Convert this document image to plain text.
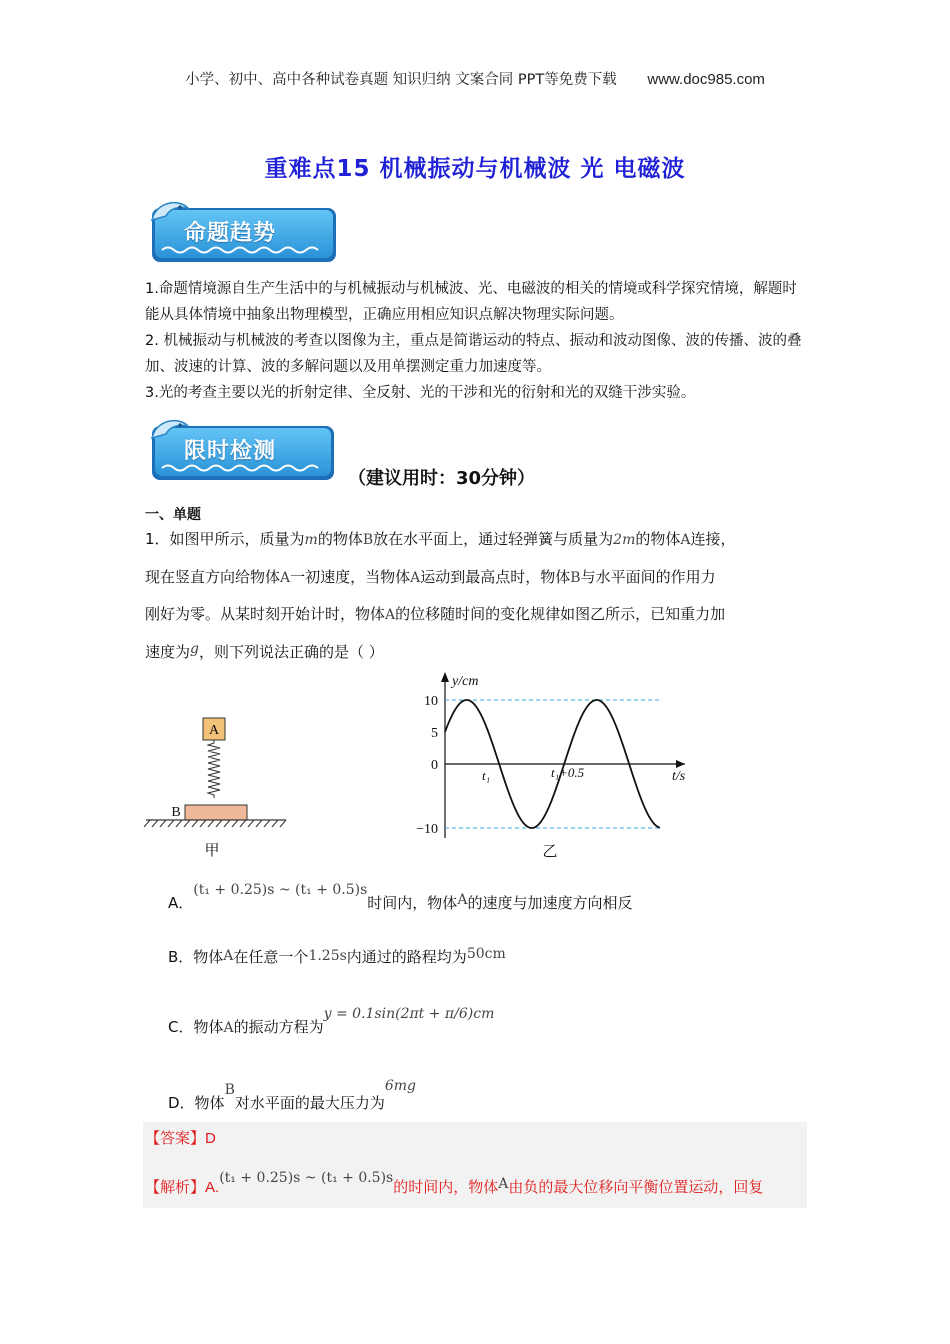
小学、初中、高中各种试卷真题 知识归纳 文案合同 PPT等免费下载 www.doc985.com
重难点15 机械振动与机械波 光 电磁波
命题趋势
1.命题情境源自生产生活中的与机械振动与机械波、光、电磁波的相关的情境或科学探究情境，解题时能从具体情境中抽象出物理模型，正确应用相应知识点解决物理实际问题。
2. 机械振动与机械波的考查以图像为主，重点是简谐运动的特点、振动和波动图像、波的传播、波的叠加、波速的计算、波的多解问题以及用单摆测定重力加速度等。
3.光的考查主要以光的折射定律、全反射、光的干涉和光的衍射和光的双缝干涉实验。
限时检测
（建议用时：30分钟）
一、单题
1．如图甲所示，质量为m的物体B放在水平面上，通过轻弹簧与质量为2m的物体A连接，
现在竖直方向给物体A一初速度，当物体A运动到最高点时，物体B与水平面间的作用力
刚好为零。从某时刻开始计时，物体A的位移随时间的变化规律如图乙所示，已知重力加
速度为g，则下列说法正确的是（ ）
A
B
甲
y/cm
t/s
10
5
0
−10
t₁	t₁+0.5
乙
A．(t₁ + 0.25)s ~ (t₁ + 0.5)s时间内，物体A的速度与加速度方向相反
B．物体A在任意一个1.25s内通过的路程均为50cm
C．物体A的振动方程为y = 0.1sin(2πt + π/6)cm
D．物体B对水平面的最大压力为6mg
【答案】D
【解析】A.(t₁ + 0.25)s ~ (t₁ + 0.5)s的时间内，物体A由负的最大位移向平衡位置运动，回复
